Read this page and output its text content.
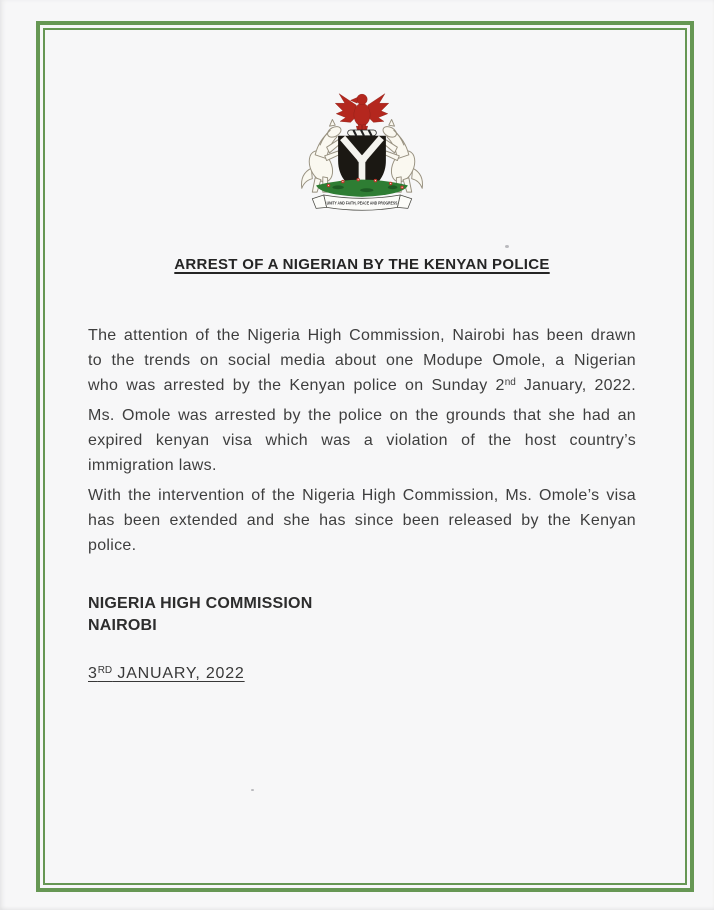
UNITY AND FAITH, PEACE AND PROGRESS
ARREST OF A NIGERIAN BY THE KENYAN POLICE

The attention of the Nigeria High Commission, Nairobi has been drawn
to the trends on social media about one Modupe Omole, a Nigerian
who was arrested by the Kenyan police on Sunday 2nd January, 2022.

Ms. Omole was arrested by the police on the grounds that she had an
expired kenyan visa which was a violation of the host country’s
immigration laws.

With the intervention of the Nigeria High Commission, Ms. Omole’s visa
has been extended and she has since been released by the Kenyan
police.

NIGERIA HIGH COMMISSION
NAIROBI
3RD JANUARY, 2022
